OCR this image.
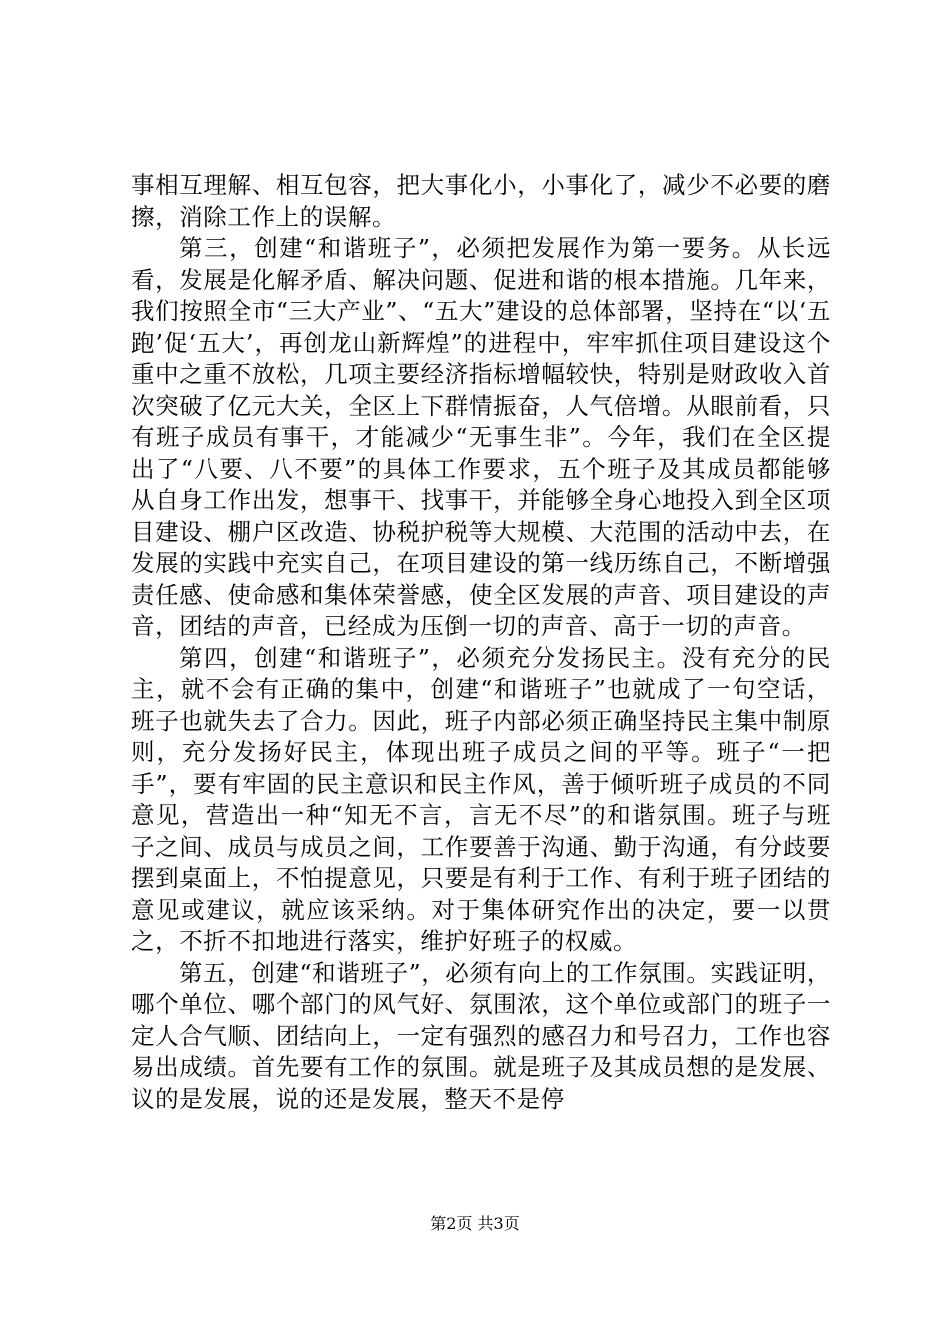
事相互理解、相互包容，把大事化小，小事化了，减少不必要的磨擦，消除工作上的误解。

第三，创建“和谐班子”，必须把发展作为第一要务。从长远看，发展是化解矛盾、解决问题、促进和谐的根本措施。几年来，我们按照全市“三大产业”、“五大”建设的总体部署，坚持在“以‘五跑’促‘五大’，再创龙山新辉煌”的进程中，牢牢抓住项目建设这个重中之重不放松，几项主要经济指标增幅较快，特别是财政收入首次突破了亿元大关，全区上下群情振奋，人气倍增。从眼前看，只有班子成员有事干，才能减少“无事生非”。今年，我们在全区提出了“八要、八不要”的具体工作要求，五个班子及其成员都能够从自身工作出发，想事干、找事干，并能够全身心地投入到全区项目建设、棚户区改造、协税护税等大规模、大范围的活动中去，在发展的实践中充实自己，在项目建设的第一线历练自己，不断增强责任感、使命感和集体荣誉感，使全区发展的声音、项目建设的声音，团结的声音，已经成为压倒一切的声音、高于一切的声音。

第四，创建“和谐班子”，必须充分发扬民主。没有充分的民主，就不会有正确的集中，创建“和谐班子”也就成了一句空话，班子也就失去了合力。因此，班子内部必须正确坚持民主集中制原则，充分发扬好民主，体现出班子成员之间的平等。班子“一把手”，要有牢固的民主意识和民主作风，善于倾听班子成员的不同意见，营造出一种“知无不言，言无不尽”的和谐氛围。班子与班子之间、成员与成员之间，工作要善于沟通、勤于沟通，有分歧要摆到桌面上，不怕提意见，只要是有利于工作、有利于班子团结的意见或建议，就应该采纳。对于集体研究作出的决定，要一以贯之，不折不扣地进行落实，维护好班子的权威。

第五，创建“和谐班子”，必须有向上的工作氛围。实践证明，哪个单位、哪个部门的风气好、氛围浓，这个单位或部门的班子一定人合气顺、团结向上，一定有强烈的感召力和号召力，工作也容易出成绩。首先要有工作的氛围。就是班子及其成员想的是发展、议的是发展，说的还是发展，整天不是停

第2页 共3页
